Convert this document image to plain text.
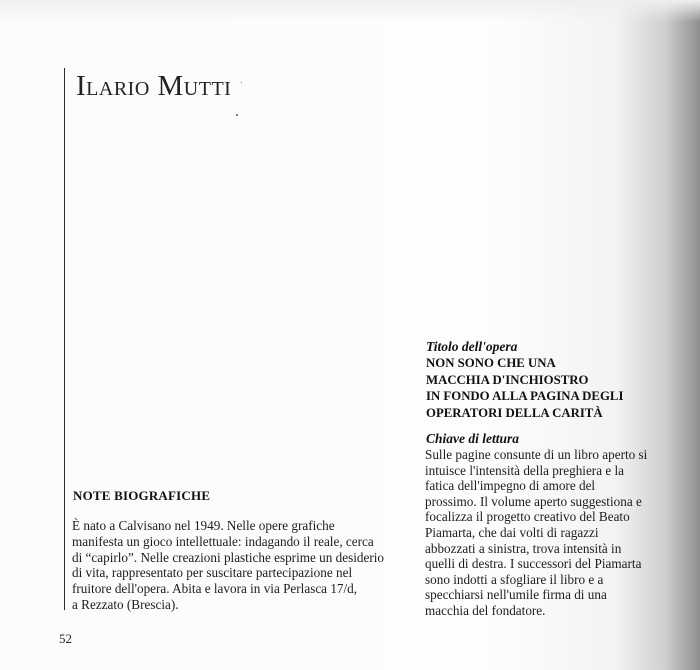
Ilario Mutti
Titolo dell'opera
NON SONO CHE UNA
MACCHIA D'INCHIOSTRO
IN FONDO ALLA PAGINA DEGLI
OPERATORI DELLA CARITÀ
Chiave di lettura
Sulle pagine consunte di un libro aperto si
intuisce l'intensità della preghiera e la
fatica dell'impegno di amore del
prossimo. Il volume aperto suggestiona e
focalizza il progetto creativo del Beato
Piamarta, che dai volti di ragazzi
abbozzati a sinistra, trova intensità in
quelli di destra. I successori del Piamarta
sono indotti a sfogliare il libro e a
specchiarsi nell'umile firma di una
macchia del fondatore.
NOTE BIOGRAFICHE
È nato a Calvisano nel 1949. Nelle opere grafiche
manifesta un gioco intellettuale: indagando il reale, cerca
di “capirlo”. Nelle creazioni plastiche esprime un desiderio
di vita, rappresentato per suscitare partecipazione nel
fruitore dell'opera. Abita e lavora in via Perlasca 17/d,
a Rezzato (Brescia).
52
